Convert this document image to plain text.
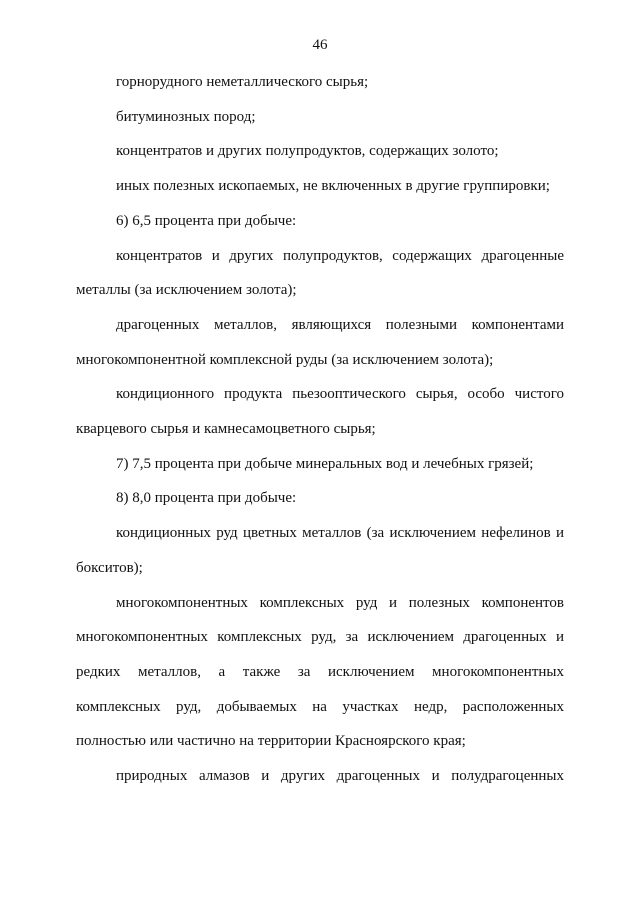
46

горнорудного неметаллического сырья;

битуминозных пород;

концентратов и других полупродуктов, содержащих золото;

иных полезных ископаемых, не включенных в другие группировки;

6) 6,5 процента при добыче:

концентратов и других полупродуктов, содержащих драгоценные металлы (за исключением золота);

драгоценных металлов, являющихся полезными компонентами многокомпонентной комплексной руды (за исключением золота);

кондиционного продукта пьезооптического сырья, особо чистого кварцевого сырья и камнесамоцветного сырья;

7) 7,5 процента при добыче минеральных вод и лечебных грязей;

8) 8,0 процента при добыче:

кондиционных руд цветных металлов (за исключением нефелинов и бокситов);

многокомпонентных комплексных руд и полезных компонентов многокомпонентных комплексных руд, за исключением драгоценных и редких металлов, а также за исключением многокомпонентных комплексных руд, добываемых на участках недр, расположенных полностью или частично на территории Красноярского края;

природных алмазов и других драгоценных и полудрагоценных
